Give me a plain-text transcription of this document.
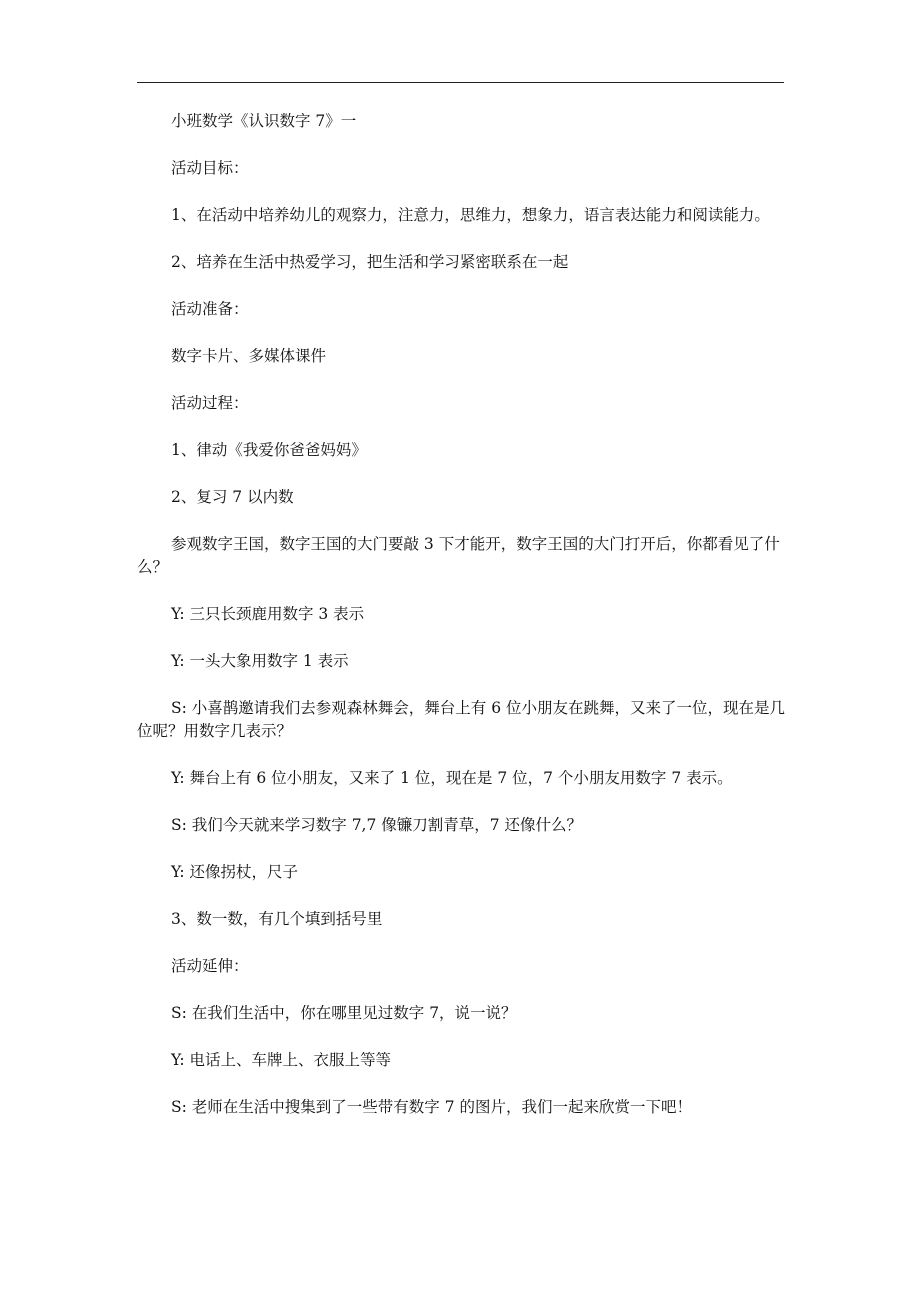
小班数学《认识数字 7》一

活动目标：

1、在活动中培养幼儿的观察力，注意力，思维力，想象力，语言表达能力和阅读能力。

2、培养在生活中热爱学习，把生活和学习紧密联系在一起

活动准备：

数字卡片、多媒体课件

活动过程：

1、律动《我爱你爸爸妈妈》

2、复习 7 以内数

参观数字王国，数字王国的大门要敲 3 下才能开，数字王国的大门打开后，你都看见了什么？

Y: 三只长颈鹿用数字 3 表示

Y: 一头大象用数字 1 表示

S: 小喜鹊邀请我们去参观森林舞会，舞台上有 6 位小朋友在跳舞，又来了一位，现在是几位呢？用数字几表示？

Y: 舞台上有 6 位小朋友，又来了 1 位，现在是 7 位，7 个小朋友用数字 7 表示。

S: 我们今天就来学习数字 7,7 像镰刀割青草，7 还像什么？

Y: 还像拐杖，尺子

3、数一数，有几个填到括号里

活动延伸：

S: 在我们生活中，你在哪里见过数字 7，说一说？

Y: 电话上、车牌上、衣服上等等

S: 老师在生活中搜集到了一些带有数字 7 的图片，我们一起来欣赏一下吧！
